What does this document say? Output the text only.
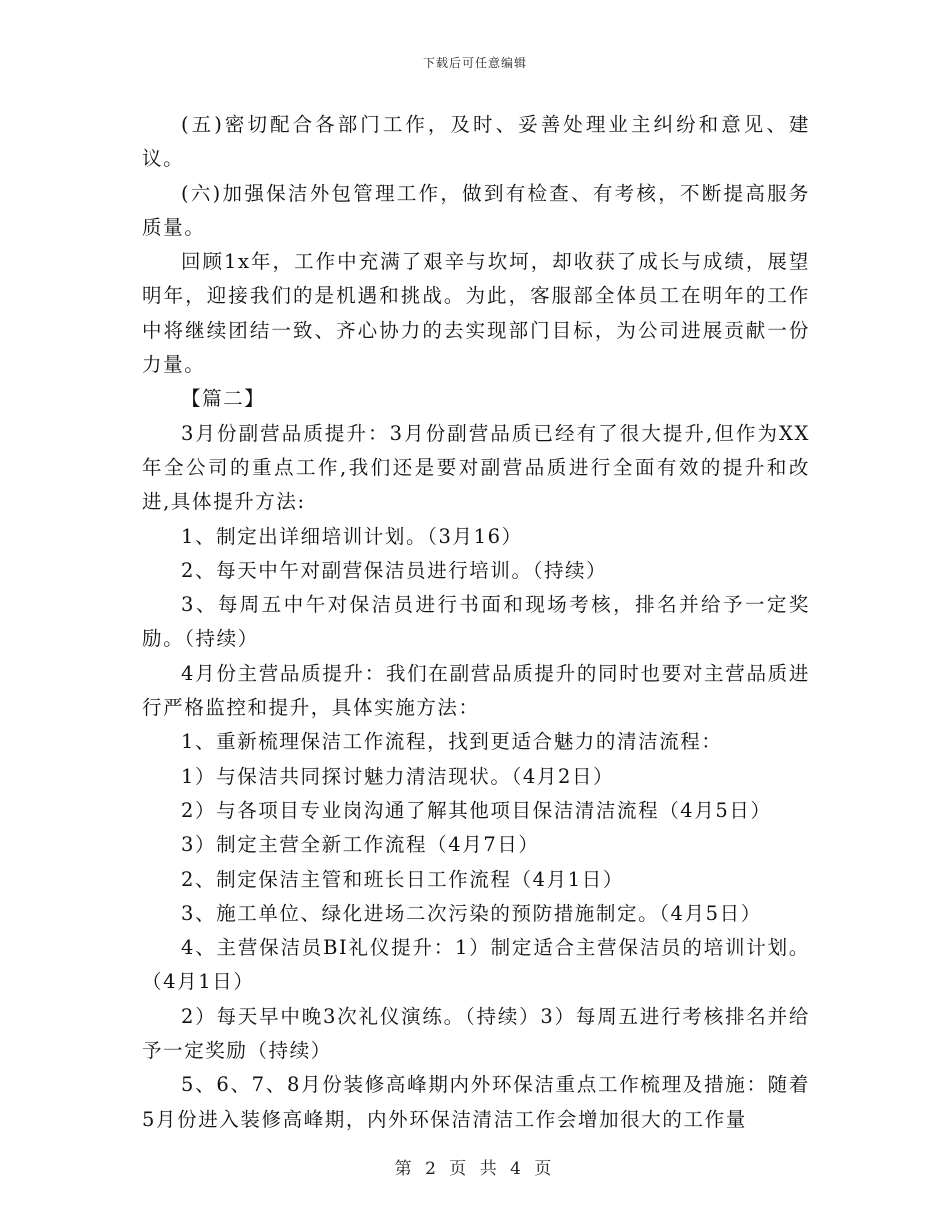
下载后可任意编辑

(五)密切配合各部门工作，及时、妥善处理业主纠纷和意见、建议。

(六)加强保洁外包管理工作，做到有检查、有考核，不断提高服务质量。

回顾1x年，工作中充满了艰辛与坎坷，却收获了成长与成绩，展望明年，迎接我们的是机遇和挑战。为此，客服部全体员工在明年的工作中将继续团结一致、齐心协力的去实现部门目标，为公司进展贡献一份力量。

【篇二】

3月份副营品质提升：3月份副营品质已经有了很大提升,但作为XX年全公司的重点工作,我们还是要对副营品质进行全面有效的提升和改进,具体提升方法:

1、制定出详细培训计划。（3月16）

2、每天中午对副营保洁员进行培训。（持续）

3、每周五中午对保洁员进行书面和现场考核，排名并给予一定奖励。（持续）

4月份主营品质提升：我们在副营品质提升的同时也要对主营品质进行严格监控和提升，具体实施方法：

1、重新梳理保洁工作流程，找到更适合魅力的清洁流程：

1）与保洁共同探讨魅力清洁现状。（4月2日）

2）与各项目专业岗沟通了解其他项目保洁清洁流程（4月5日）

3）制定主营全新工作流程（4月7日）

2、制定保洁主管和班长日工作流程（4月1日）

3、施工单位、绿化进场二次污染的预防措施制定。（4月5日）

4、主营保洁员BI礼仪提升：1）制定适合主营保洁员的培训计划。（4月1日）

2）每天早中晚3次礼仪演练。（持续）3）每周五进行考核排名并给予一定奖励（持续）

5、6、7、8月份装修高峰期内外环保洁重点工作梳理及措施：随着5月份进入装修高峰期，内外环保洁清洁工作会增加很大的工作量

第 2 页 共 4 页
